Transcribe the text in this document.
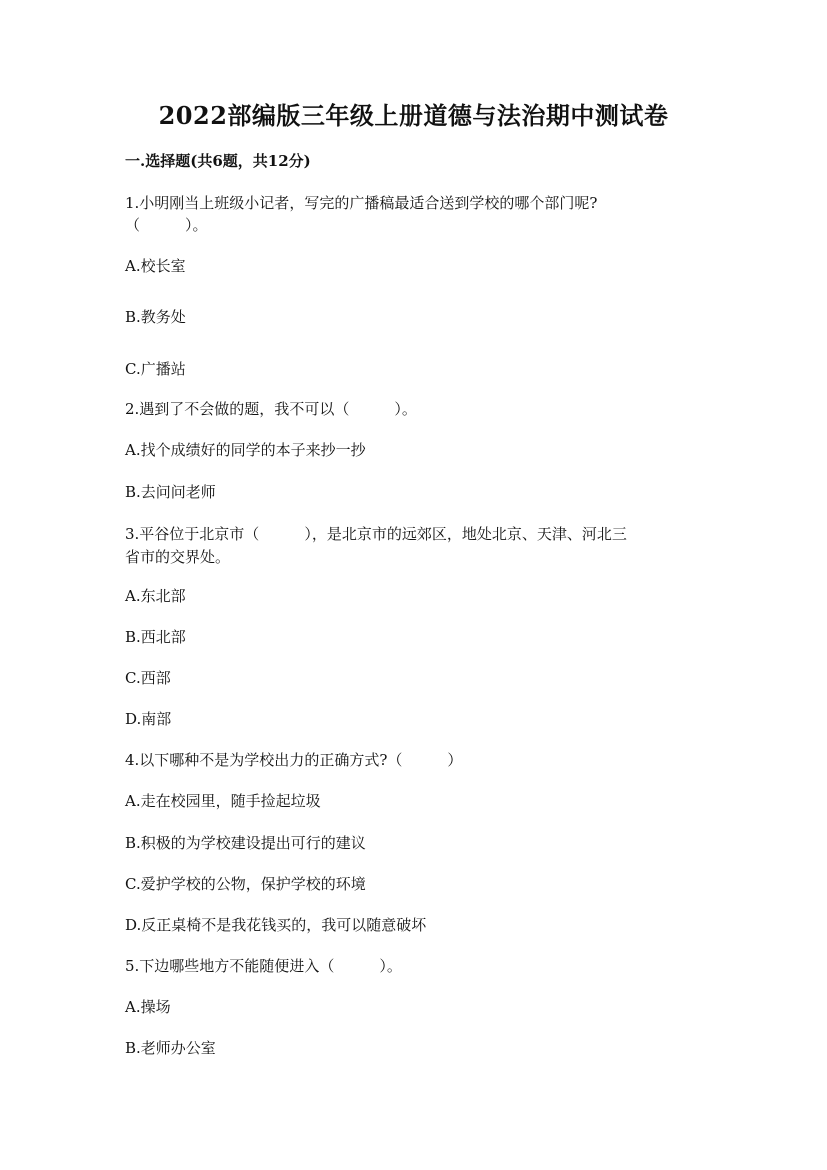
2022部编版三年级上册道德与法治期中测试卷
一.选择题(共6题，共12分)
1.小明刚当上班级小记者，写完的广播稿最适合送到学校的哪个部门呢?
（　　　）。
A.校长室
B.教务处
C.广播站
2.遇到了不会做的题，我不可以（　　　）。
A.找个成绩好的同学的本子来抄一抄
B.去问问老师
3.平谷位于北京市（　　　），是北京市的远郊区，地处北京、天津、河北三
省市的交界处。
A.东北部
B.西北部
C.西部
D.南部
4.以下哪种不是为学校出力的正确方式?（　　　）
A.走在校园里，随手捡起垃圾
B.积极的为学校建设提出可行的建议
C.爱护学校的公物，保护学校的环境
D.反正桌椅不是我花钱买的，我可以随意破坏
5.下边哪些地方不能随便进入（　　　）。
A.操场
B.老师办公室
